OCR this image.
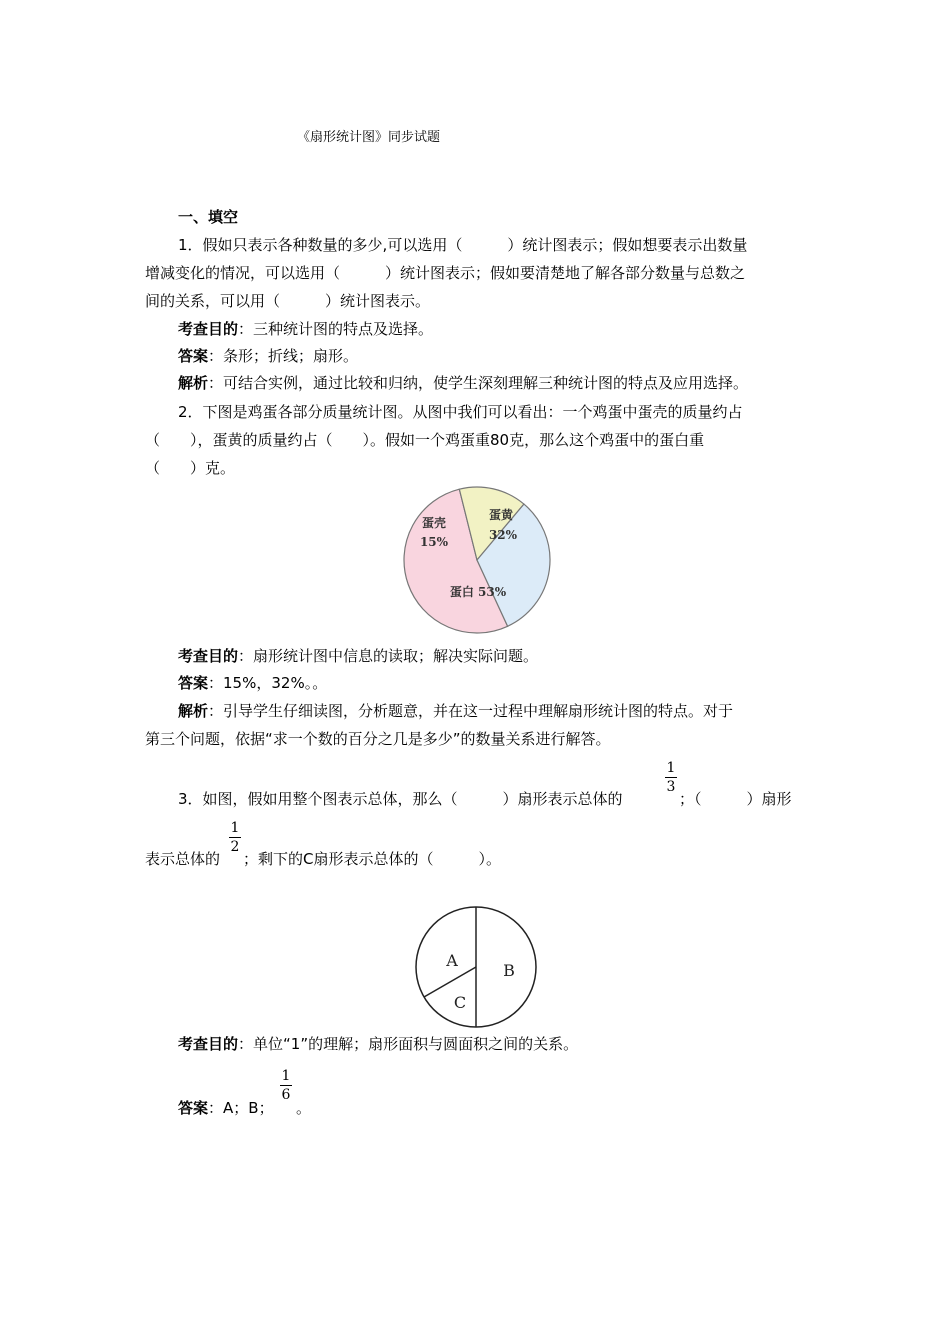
《扇形统计图》同步试题
一、填空
1．假如只表示各种数量的多少,可以选用（　　　）统计图表示；假如想要表示出数量
增减变化的情况，可以选用（　　　）统计图表示；假如要清楚地了解各部分数量与总数之
间的关系，可以用（　　　）统计图表示。
考查目的：三种统计图的特点及选择。
答案：条形；折线；扇形。
解析：可结合实例，通过比较和归纳，使学生深刻理解三种统计图的特点及应用选择。
2．下图是鸡蛋各部分质量统计图。从图中我们可以看出：一个鸡蛋中蛋壳的质量约占
（　　），蛋黄的质量约占（　　）。假如一个鸡蛋重80克，那么这个鸡蛋中的蛋白重
（　　）克。
蛋壳
15%
蛋黄
32%
蛋白 53%
考查目的：扇形统计图中信息的读取；解决实际问题。
答案：15%，32%。。
解析：引导学生仔细读图，分析题意，并在这一过程中理解扇形统计图的特点。对于
第三个问题，依据“求一个数的百分之几是多少”的数量关系进行解答。
3．如图，假如用整个图表示总体，那么（　　　）扇形表示总体的
1
3
；（　　　）扇形
表示总体的
1
2
；剩下的C扇形表示总体的（　　　）。
A
B
C
考查目的：单位“1”的理解；扇形面积与圆面积之间的关系。
答案：A；B；
1
6
。
